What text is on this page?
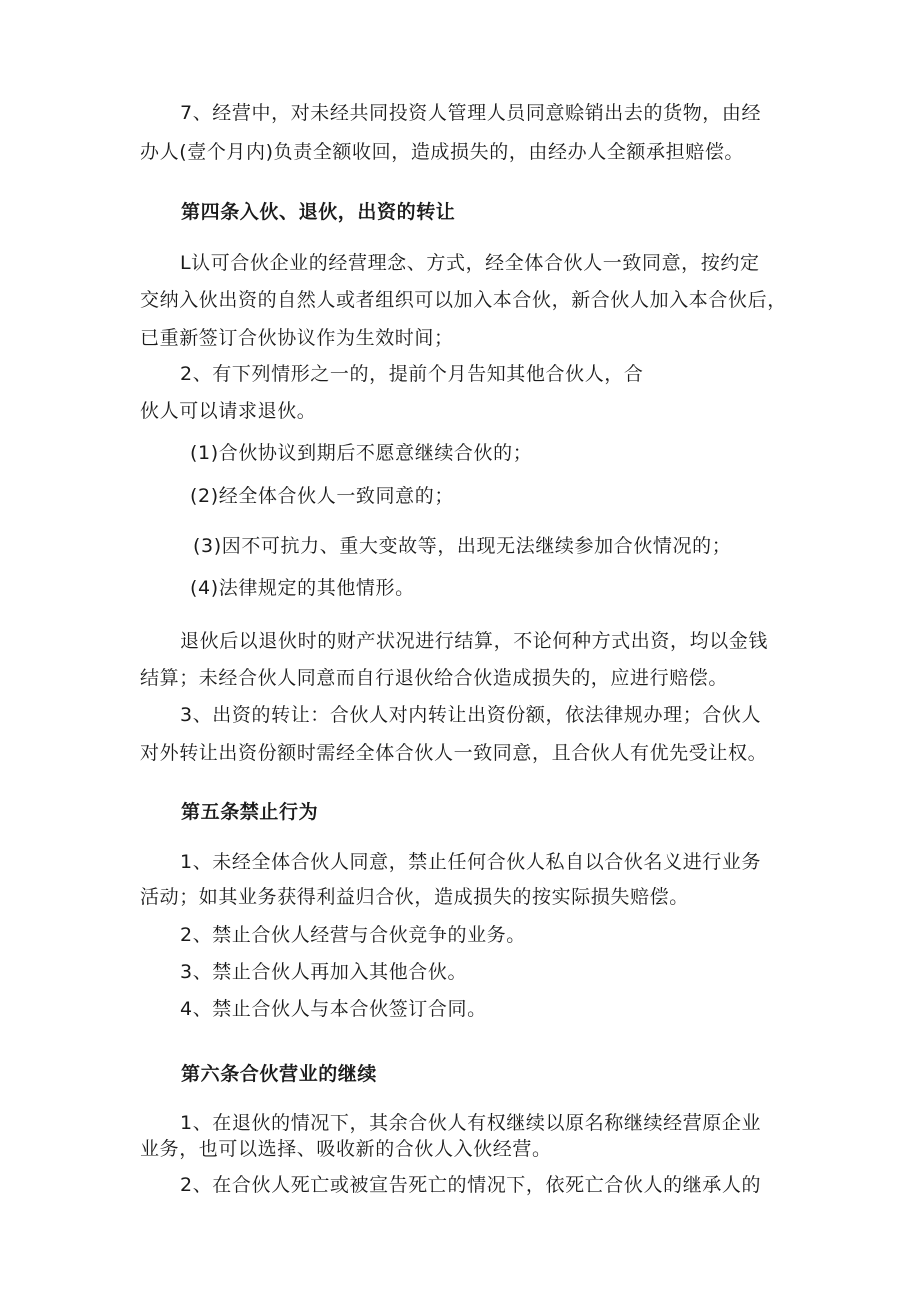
7、经营中，对未经共同投资人管理人员同意赊销出去的货物，由经
办人(壹个月内)负责全额收回，造成损失的，由经办人全额承担赔偿。
第四条入伙、退伙，出资的转让
L认可合伙企业的经营理念、方式，经全体合伙人一致同意，按约定
交纳入伙出资的自然人或者组织可以加入本合伙，新合伙人加入本合伙后，
已重新签订合伙协议作为生效时间；
2、有下列情形之一的，提前个月告知其他合伙人，合
伙人可以请求退伙。
(1)合伙协议到期后不愿意继续合伙的；
(2)经全体合伙人一致同意的；
(3)因不可抗力、重大变故等，出现无法继续参加合伙情况的；
(4)法律规定的其他情形。
退伙后以退伙时的财产状况进行结算，不论何种方式出资，均以金钱
结算；未经合伙人同意而自行退伙给合伙造成损失的，应进行赔偿。
3、出资的转让：合伙人对内转让出资份额，依法律规办理；合伙人
对外转让出资份额时需经全体合伙人一致同意，且合伙人有优先受让权。
第五条禁止行为
1、未经全体合伙人同意，禁止任何合伙人私自以合伙名义进行业务
活动；如其业务获得利益归合伙，造成损失的按实际损失赔偿。
2、禁止合伙人经营与合伙竞争的业务。
3、禁止合伙人再加入其他合伙。
4、禁止合伙人与本合伙签订合同。
第六条合伙营业的继续
1、在退伙的情况下，其余合伙人有权继续以原名称继续经营原企业
业务，也可以选择、吸收新的合伙人入伙经营。
2、在合伙人死亡或被宣告死亡的情况下，依死亡合伙人的继承人的
